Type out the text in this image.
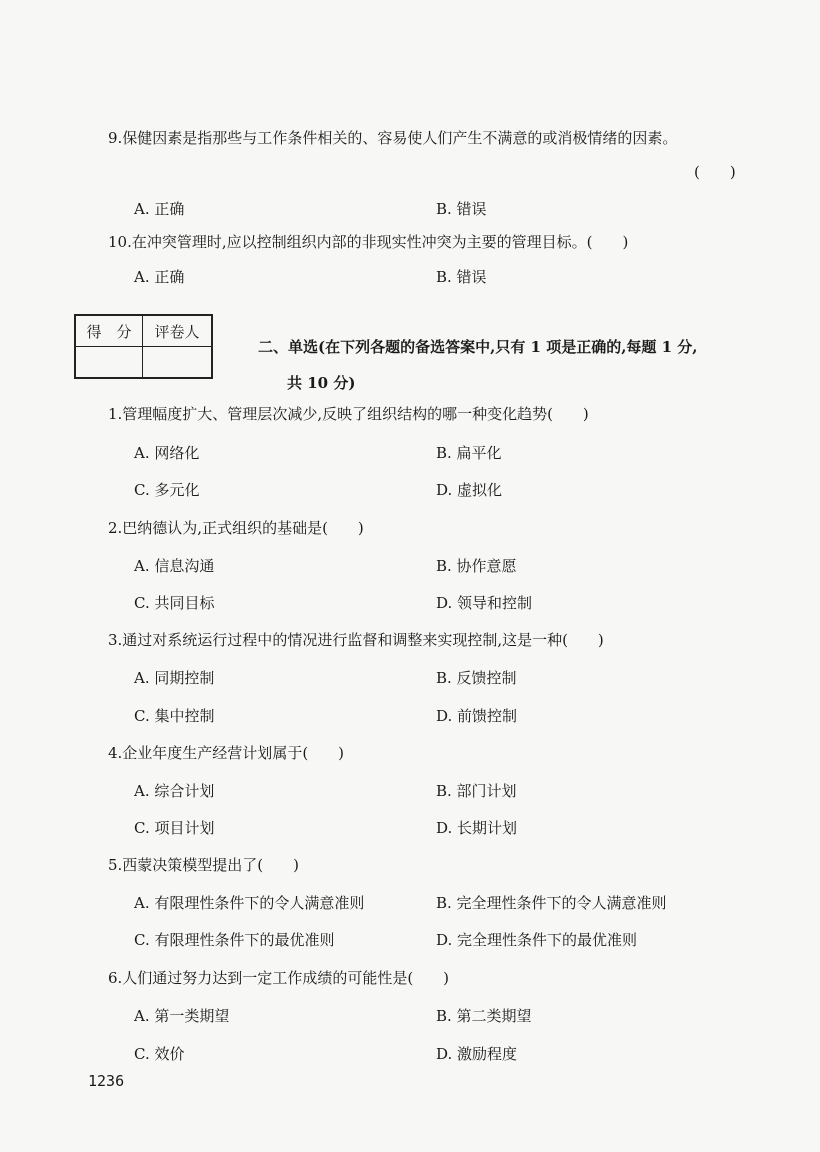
9.保健因素是指那些与工作条件相关的、容易使人们产生不满意的或消极情绪的因素。
(　　)
A. 正确	B. 错误
10.在冲突管理时,应以控制组织内部的非现实性冲突为主要的管理目标。(　　)
A. 正确	B. 错误
得　分	评卷人

二、单选(在下列各题的备选答案中,只有 1 项是正确的,每题 1 分,
共 10 分)
1.管理幅度扩大、管理层次减少,反映了组织结构的哪一种变化趋势(　　)
A. 网络化	B. 扁平化
C. 多元化	D. 虚拟化
2.巴纳德认为,正式组织的基础是(　　)
A. 信息沟通	B. 协作意愿
C. 共同目标	D. 领导和控制
3.通过对系统运行过程中的情况进行监督和调整来实现控制,这是一种(　　)
A. 同期控制	B. 反馈控制
C. 集中控制	D. 前馈控制
4.企业年度生产经营计划属于(　　)
A. 综合计划	B. 部门计划
C. 项目计划	D. 长期计划
5.西蒙决策模型提出了(　　)
A. 有限理性条件下的令人满意准则	B. 完全理性条件下的令人满意准则
C. 有限理性条件下的最优准则	D. 完全理性条件下的最优准则
6.人们通过努力达到一定工作成绩的可能性是(　　)
A. 第一类期望	B. 第二类期望
C. 效价	D. 激励程度
1236
